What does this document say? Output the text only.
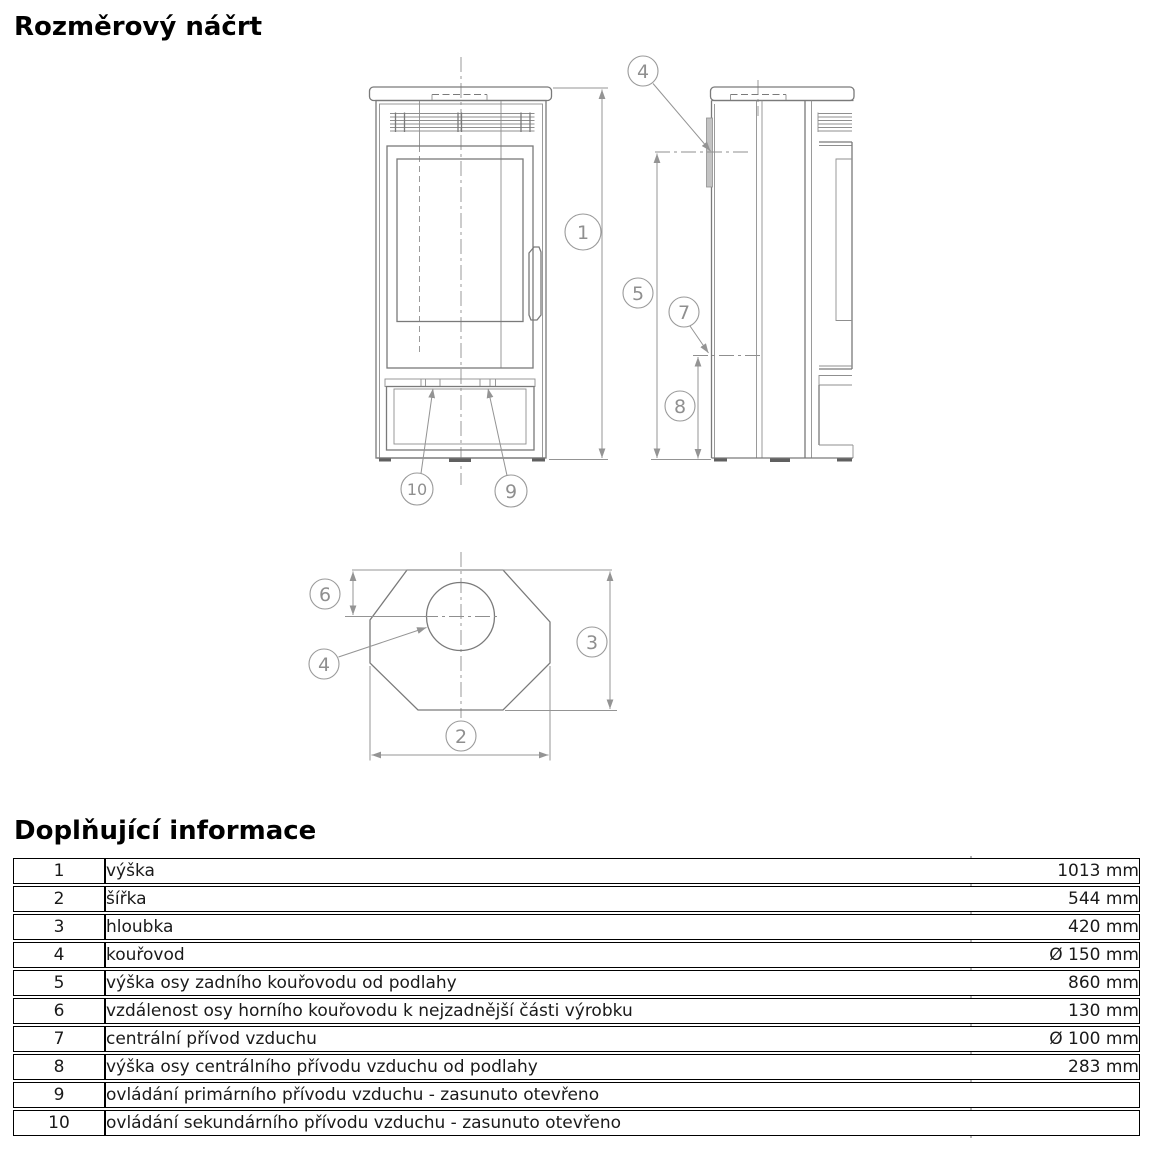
Rozměrový náčrt
1
10	9
4
5
7
8
6
4
3
2
Doplňující informace
1	výška	1013 mm
2	šířka	544 mm
3	hloubka	420 mm
4	kouřovod	Ø 150 mm
5	výška osy zadního kouřovodu od podlahy	860 mm
6	vzdálenost osy horního kouřovodu k nejzadnější části výrobku	130 mm
7	centrální přívod vzduchu	Ø 100 mm
8	výška osy centrálního přívodu vzduchu od podlahy	283 mm
9	ovládání primárního přívodu vzduchu - zasunuto otevřeno	
10	ovládání sekundárního přívodu vzduchu - zasunuto otevřeno	
